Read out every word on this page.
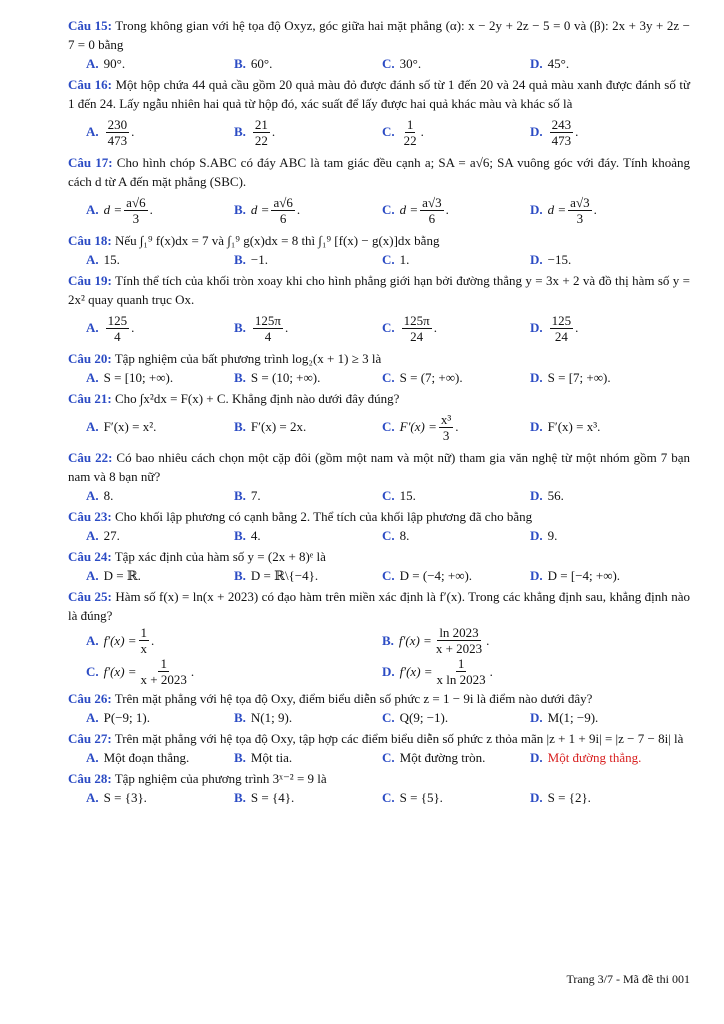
Câu 15: Trong không gian với hệ tọa độ Oxyz, góc giữa hai mặt phẳng (α): x − 2y + 2z − 5 = 0 và (β): 2x + 3y + 2z − 7 = 0 bằng
A. 90°.	B. 60°.	C. 30°.	D. 45°.
Câu 16: Một hộp chứa 44 quả cầu gồm 20 quả màu đỏ được đánh số từ 1 đến 20 và 24 quả màu xanh được đánh số từ 1 đến 24. Lấy ngẫu nhiên hai quả từ hộp đó, xác suất để lấy được hai quả khác màu và khác số là
A. $\frac{230}{473}$ .	B. $\frac{21}{22}$ .	C. $\frac{1}{22}$ .	D. $\frac{243}{473}$ .
Câu 17: Cho hình chóp S.ABC có đáy ABC là tam giác đều cạnh a; SA = a√6; SA vuông góc với đáy. Tính khoảng cách d từ A đến mặt phẳng (SBC).
A. $d = \frac{a√6}{3}$ .	B. $d = \frac{a√6}{6}$ .	C. $d = \frac{a√3}{6}$ .	D. $d = \frac{a√3}{3}$ .
Câu 18: Nếu ∫₁⁹ f(x)dx = 7 và ∫₁⁹ g(x)dx = 8 thì ∫₁⁹ [f(x) − g(x)]dx bằng
A. 15.	B. −1.	C. 1.	D. −15.
Câu 19: Tính thể tích của khối tròn xoay khi cho hình phẳng giới hạn bởi đường thẳng y = 3x + 2 và đồ thị hàm số y = 2x² quay quanh trục Ox.
A. $\frac{125}{4}$ .	B. $\frac{125\pi}{4}$ .	C. $\frac{125\pi}{24}$ .	D. $\frac{125}{24}$ .
Câu 20: Tập nghiệm của bất phương trình log₂(x + 1) ≥ 3 là
A. S = [10; +∞).	B. S = (10; +∞).	C. S = (7; +∞).	D. S = [7; +∞).
Câu 21: Cho ∫x²dx = F(x) + C. Khẳng định nào dưới đây đúng?
A. F′(x) = x².	B. F′(x) = 2x.	C. $F'(x) = \frac{\text{x³}}{3}$ .	D. F′(x) = x³.
Câu 22: Có bao nhiêu cách chọn một cặp đôi (gồm một nam và một nữ) tham gia văn nghệ từ một nhóm gồm 7 bạn nam và 8 bạn nữ?
A. 8.	B. 7.	C. 15.	D. 56.
Câu 23: Cho khối lập phương có cạnh bằng 2. Thể tích của khối lập phương đã cho bằng
A. 27.	B. 4.	C. 8.	D. 9.
Câu 24: Tập xác định của hàm số y = (2x + 8)ᵉ là
A. D = ℝ.	B. D = ℝ\{−4}.	C. D = (−4; +∞).	D. D = [−4; +∞).
Câu 25: Hàm số f(x) = ln(x + 2023) có đạo hàm trên miền xác định là f′(x). Trong các khẳng định sau, khẳng định nào là đúng?
A. $f'(x) = \frac{1}{x}$ .	B. $f'(x) = \frac{\ln 2023}{x + 2023}$ .
C. $f'(x) = \frac{1}{x + 2023}$ .	D. $f'(x) = \frac{1}{\text{x ln 2023}}$ .
Câu 26: Trên mặt phẳng với hệ tọa độ Oxy, điểm biểu diễn số phức z = 1 − 9i là điểm nào dưới đây?
A. P(−9; 1).	B. N(1; 9).	C. Q(9; −1).	D. M(1; −9).
Câu 27: Trên mặt phẳng với hệ tọa độ Oxy, tập hợp các điểm biểu diễn số phức z thỏa mãn |z + 1 + 9i| = |z − 7 − 8i| là
A. Một đoạn thẳng.	B. Một tia.	C. Một đường tròn.	D. Một đường thẳng.
Câu 28: Tập nghiệm của phương trình 3ˣ⁻² = 9 là
A. S = {3}.	B. S = {4}.	C. S = {5}.	D. S = {2}.
Trang 3/7 - Mã đề thi 001
